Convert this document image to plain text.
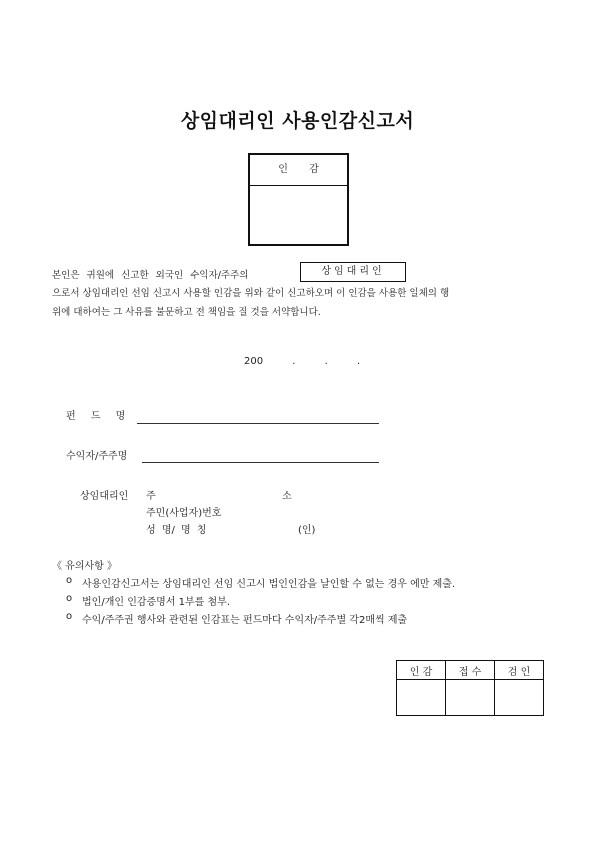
상임대리인 사용인감신고서
인 감
본인은 귀원에 신고한 외국인 수익자/주주의	상임대리인
으로서 상임대리인 선임 신고시 사용할 인감을 위와 같이 신고하오며 이 인감을 사용한 일체의 행
위에 대하여는 그 사유를 불문하고 전 책임을 질 것을 서약합니다.
200 . . .
펀 드 명
수익자/주주명
상임대리인 주  소
주민(사업자)번호
성 명/ 명 칭	(인)
《 유의사항 》
o 사용인감신고서는 상임대리인 선임 신고시 법인인감을 날인할 수 없는 경우 에만 제출.
o 법인/개인 인감증명서 1부를 첨부.
o 수익/주주권 행사와 관련된 인감표는 펀드마다 수익자/주주별 각2매씩 제출
인 감	접 수	검 인
